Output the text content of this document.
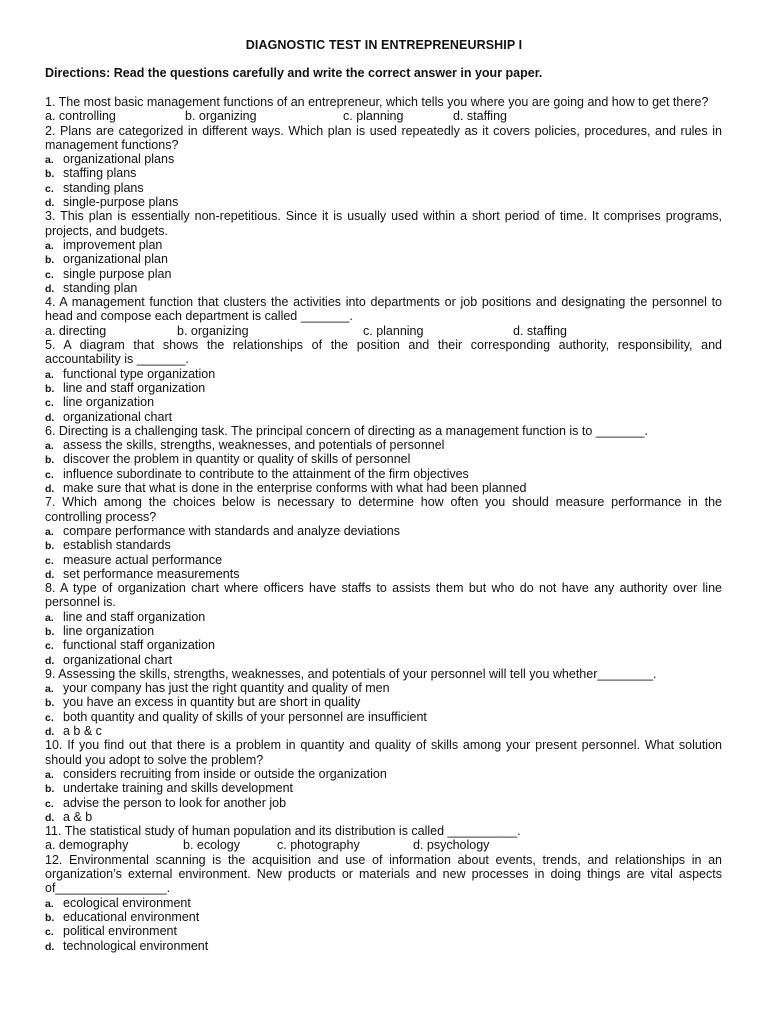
DIAGNOSTIC TEST IN ENTREPRENEURSHIP I
Directions: Read the questions carefully and write the correct answer in your paper.
1. The most basic management functions of an entrepreneur, which tells you where you are going and how to get there?
a. controlling	b. organizing	c. planning	d. staffing
2. Plans are categorized in different ways. Which plan is used repeatedly as it covers policies, procedures, and rules in management functions?
a. organizational plans
b. staffing plans
c. standing plans
d. single-purpose plans
3. This plan is essentially non-repetitious. Since it is usually used within a short period of time. It comprises programs, projects, and budgets.
a. improvement plan
b. organizational plan
c. single purpose plan
d. standing plan
4. A management function that clusters the activities into departments or job positions and designating the personnel to head and compose each department is called _______.
a. directing	b. organizing	c. planning	d. staffing
5. A diagram that shows the relationships of the position and their corresponding authority, responsibility, and accountability is _______.
a. functional type organization
b. line and staff organization
c. line organization
d. organizational chart
6. Directing is a challenging task. The principal concern of directing as a management function is to _______.
a. assess the skills, strengths, weaknesses, and potentials of personnel
b. discover the problem in quantity or quality of skills of personnel
c. influence subordinate to contribute to the attainment of the firm objectives
d. make sure that what is done in the enterprise conforms with what had been planned
7. Which among the choices below is necessary to determine how often you should measure performance in the controlling process?
a. compare performance with standards and analyze deviations
b. establish standards
c. measure actual performance
d. set performance measurements
8. A type of organization chart where officers have staffs to assists them but who do not have any authority over line personnel is.
a. line and staff organization
b. line organization
c. functional staff organization
d. organizational chart
9. Assessing the skills, strengths, weaknesses, and potentials of your personnel will tell you whether________.
a. your company has just the right quantity and quality of men
b. you have an excess in quantity but are short in quality
c. both quantity and quality of skills of your personnel are insufficient
d. a b & c
10. If you find out that there is a problem in quantity and quality of skills among your present personnel. What solution should you adopt to solve the problem?
a. considers recruiting from inside or outside the organization
b. undertake training and skills development
c. advise the person to look for another job
d. a & b
11. The statistical study of human population and its distribution is called __________.
a. demography	b. ecology	c. photography	d. psychology
12. Environmental scanning is the acquisition and use of information about events, trends, and relationships in an organization’s external environment. New products or materials and new processes in doing things are vital aspects of________________.
a. ecological environment
b. educational environment
c. political environment
d. technological environment
